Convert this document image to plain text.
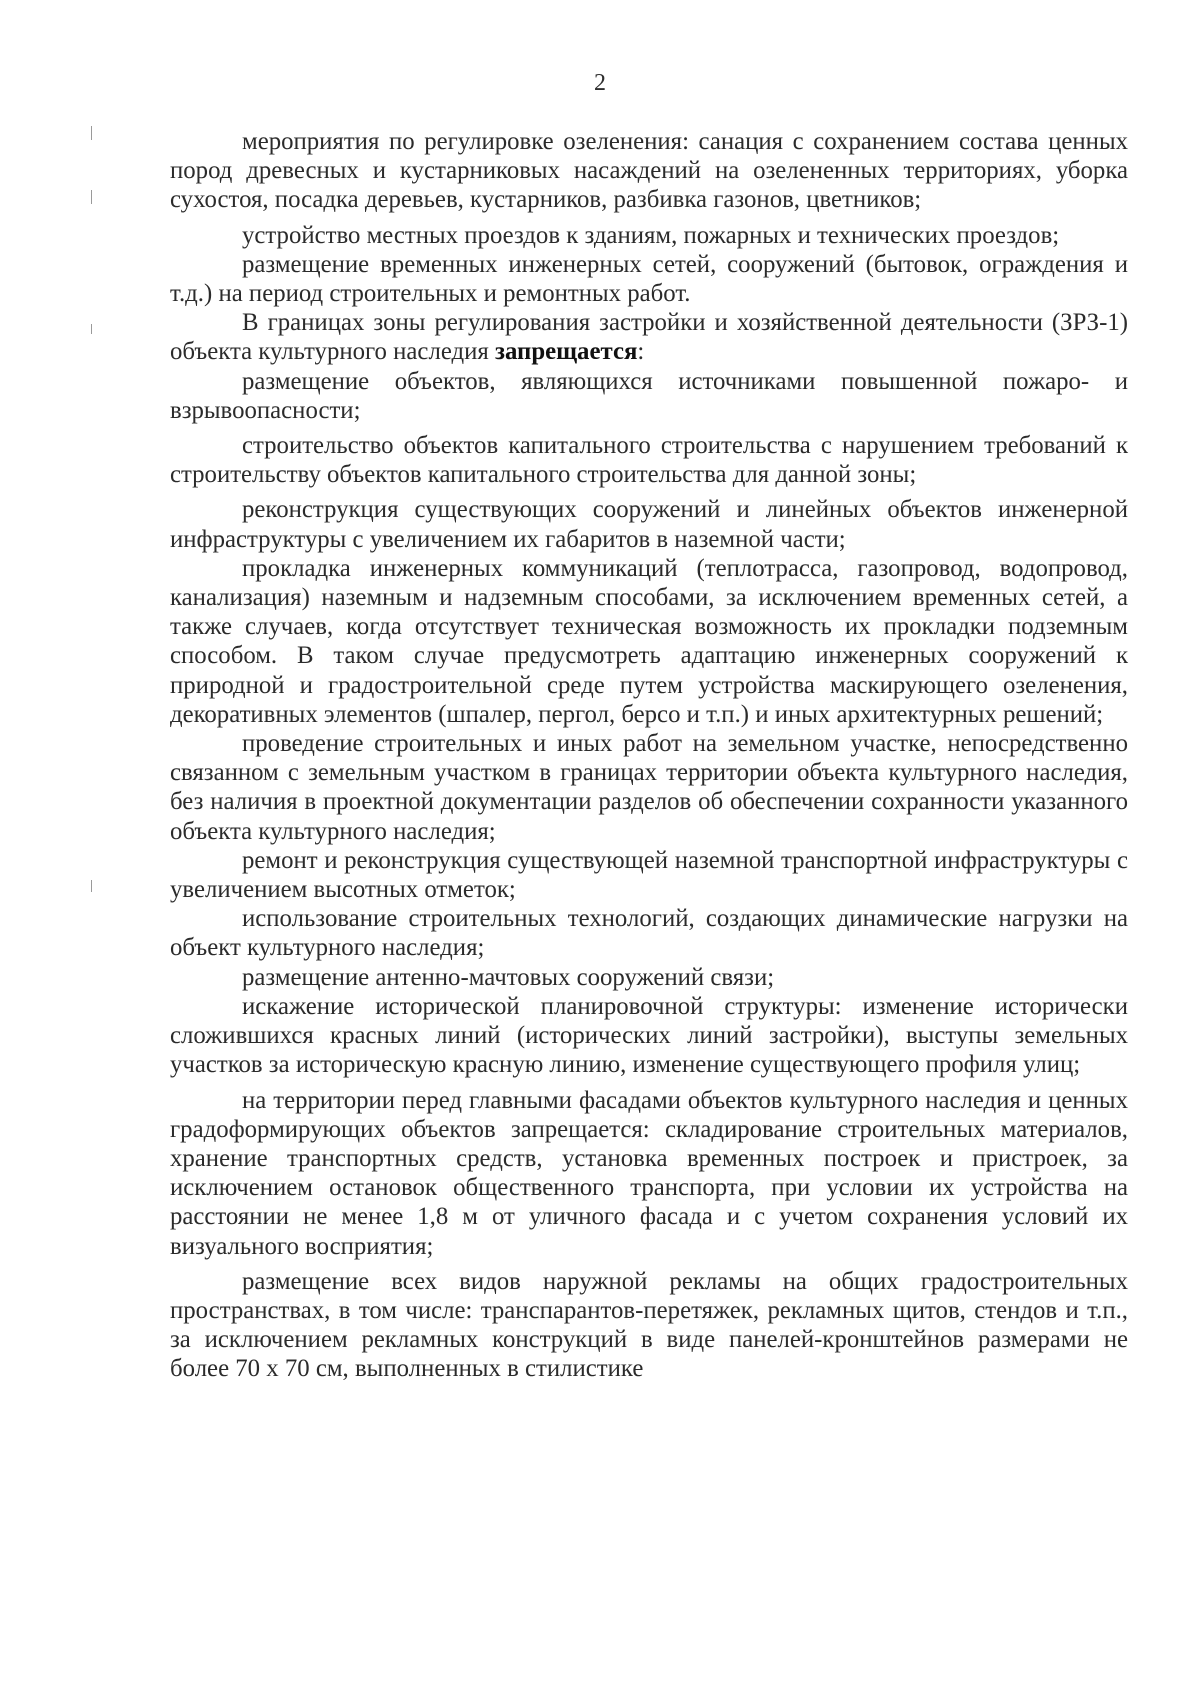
2

мероприятия по регулировке озеленения: санация с сохранением состава ценных пород древесных и кустарниковых насаждений на озелененных территориях, уборка сухостоя, посадка деревьев, кустарников, разбивка газонов, цветников;

устройство местных проездов к зданиям, пожарных и технических проездов;

размещение временных инженерных сетей, сооружений (бытовок, ограждения и т.д.) на период строительных и ремонтных работ.

В границах зоны регулирования застройки и хозяйственной деятельности (ЗРЗ-1) объекта культурного наследия запрещается:

размещение объектов, являющихся источниками повышенной пожаро- и взрывоопасности;

строительство объектов капитального строительства с нарушением требований к строительству объектов капитального строительства для данной зоны;

реконструкция существующих сооружений и линейных объектов инженерной инфраструктуры с увеличением их габаритов в наземной части;

прокладка инженерных коммуникаций (теплотрасса, газопровод, водопровод, канализация) наземным и надземным способами, за исключением временных сетей, а также случаев, когда отсутствует техническая возможность их прокладки подземным способом. В таком случае предусмотреть адаптацию инженерных сооружений к природной и градостроительной среде путем устройства маскирующего озеленения, декоративных элементов (шпалер, пергол, берсо и т.п.) и иных архитектурных решений;

проведение строительных и иных работ на земельном участке, непосредственно связанном с земельным участком в границах территории объекта культурного наследия, без наличия в проектной документации разделов об обеспечении сохранности указанного объекта культурного наследия;

ремонт и реконструкция существующей наземной транспортной инфраструктуры с увеличением высотных отметок;

использование строительных технологий, создающих динамические нагрузки на объект культурного наследия;

размещение антенно-мачтовых сооружений связи;

искажение исторической планировочной структуры: изменение исторически сложившихся красных линий (исторических линий застройки), выступы земельных участков за историческую красную линию, изменение существующего профиля улиц;

на территории перед главными фасадами объектов культурного наследия и ценных градоформирующих объектов запрещается: складирование строительных материалов, хранение транспортных средств, установка временных построек и пристроек, за исключением остановок общественного транспорта, при условии их устройства на расстоянии не менее 1,8 м от уличного фасада и с учетом сохранения условий их визуального восприятия;

размещение всех видов наружной рекламы на общих градостроительных пространствах, в том числе: транспарантов-перетяжек, рекламных щитов, стендов и т.п., за исключением рекламных конструкций в виде панелей-кронштейнов размерами не более 70 х 70 см, выполненных в стилистике
